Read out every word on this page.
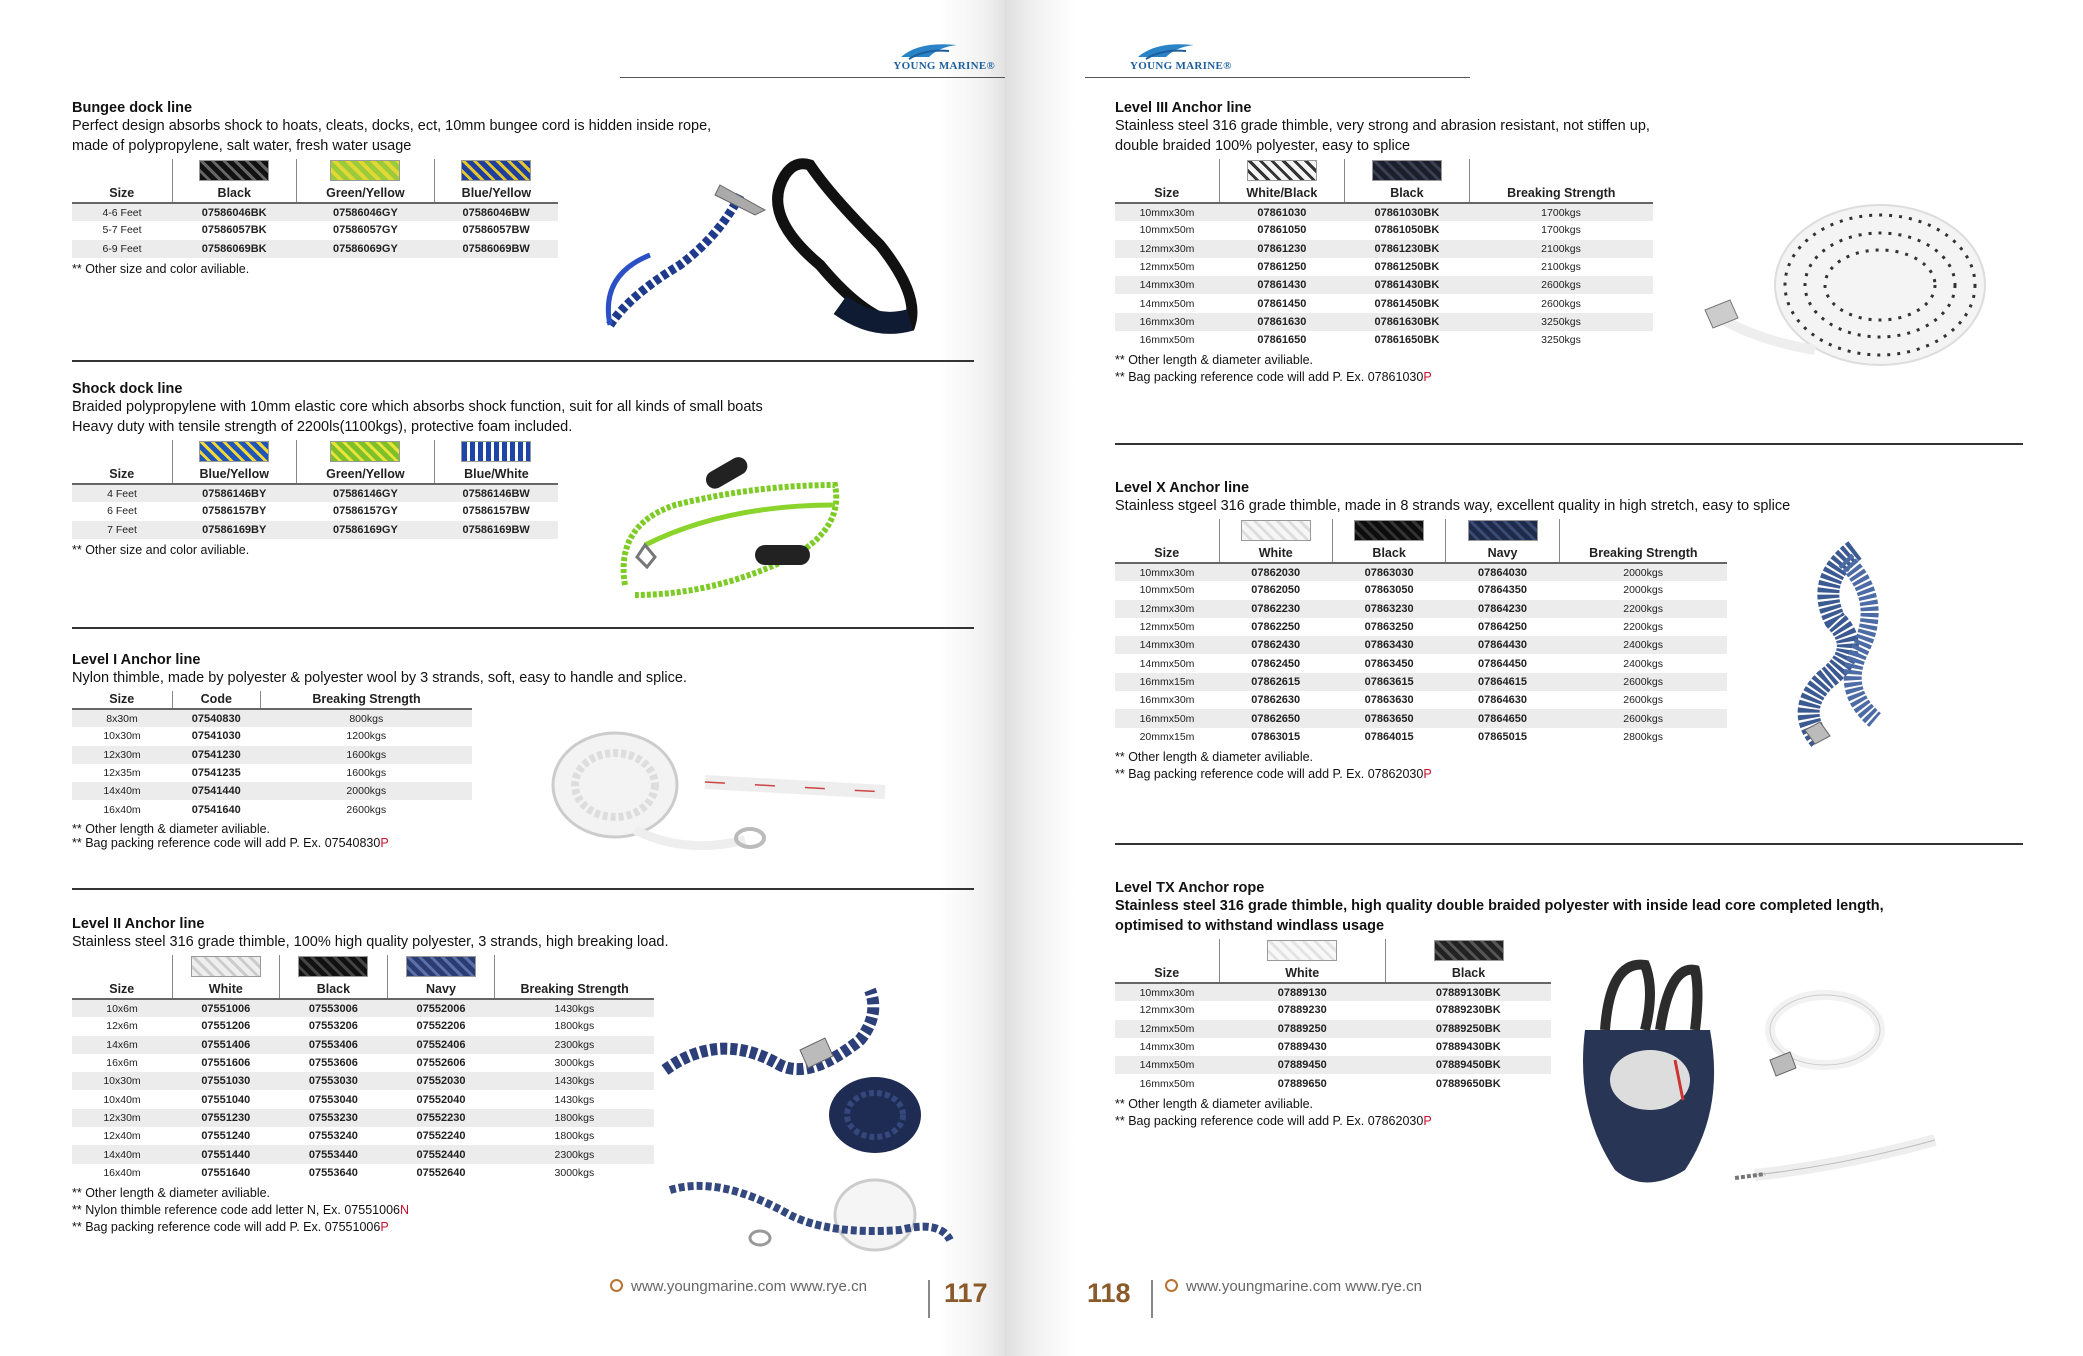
YOUNG MARINE®
Bungee dock line
Perfect design absorbs shock to hoats, cleats, docks, ect, 10mm bungee cord is hidden inside rope,
made of polypropylene, salt water, fresh water usage
Size	Black	Green/Yellow	Blue/Yellow
4-6 Feet	07586046BK	07586046GY	07586046BW
5-7 Feet	07586057BK	07586057GY	07586057BW
6-9 Feet	07586069BK	07586069GY	07586069BW
** Other size and color aviliable.
Shock dock line
Braided polypropylene with 10mm elastic core which absorbs shock function, suit for all kinds of small boats
Heavy duty with tensile strength of 2200ls(1100kgs), protective foam included.
Size	Blue/Yellow	Green/Yellow	Blue/White
4 Feet	07586146BY	07586146GY	07586146BW
6 Feet	07586157BY	07586157GY	07586157BW
7 Feet	07586169BY	07586169GY	07586169BW
** Other size and color aviliable.
Level I Anchor line
Nylon thimble, made by polyester & polyester wool by 3 strands, soft, easy to handle and splice.
Size	Code	Breaking Strength
8x30m	07540830	800kgs
10x30m	07541030	1200kgs
12x30m	07541230	1600kgs
12x35m	07541235	1600kgs
14x40m	07541440	2000kgs
16x40m	07541640	2600kgs
** Other length & diameter aviliable.
** Bag packing reference code will add P. Ex. 07540830P
Level II Anchor line
Stainless steel 316 grade thimble, 100% high quality polyester, 3 strands, high breaking load.
Size	White	Black	Navy	Breaking Strength
10x6m	07551006	07553006	07552006	1430kgs
12x6m	07551206	07553206	07552206	1800kgs
14x6m	07551406	07553406	07552406	2300kgs
16x6m	07551606	07553606	07552606	3000kgs
10x30m	07551030	07553030	07552030	1430kgs
10x40m	07551040	07553040	07552040	1430kgs
12x30m	07551230	07553230	07552230	1800kgs
12x40m	07551240	07553240	07552240	1800kgs
14x40m	07551440	07553440	07552440	2300kgs
16x40m	07551640	07553640	07552640	3000kgs
** Other length & diameter aviliable.
** Nylon thimble reference code add letter N, Ex. 07551006N
** Bag packing reference code will add P. Ex. 07551006P
www.youngmarine.com www.rye.cn	117
YOUNG MARINE®
Level III Anchor line
Stainless steel 316 grade thimble, very strong and abrasion resistant, not stiffen up,
double braided 100% polyester, easy to splice
Size	White/Black	Black	Breaking Strength
10mmx30m	07861030	07861030BK	1700kgs
10mmx50m	07861050	07861050BK	1700kgs
12mmx30m	07861230	07861230BK	2100kgs
12mmx50m	07861250	07861250BK	2100kgs
14mmx30m	07861430	07861430BK	2600kgs
14mmx50m	07861450	07861450BK	2600kgs
16mmx30m	07861630	07861630BK	3250kgs
16mmx50m	07861650	07861650BK	3250kgs
** Other length & diameter aviliable.
** Bag packing reference code will add P. Ex. 07861030P
Level X Anchor line
Stainless stgeel 316 grade thimble, made in 8 strands way, excellent quality in high stretch, easy to splice
Size	White	Black	Navy	Breaking Strength
10mmx30m	07862030	07863030	07864030	2000kgs
10mmx50m	07862050	07863050	07864350	2000kgs
12mmx30m	07862230	07863230	07864230	2200kgs
12mmx50m	07862250	07863250	07864250	2200kgs
14mmx30m	07862430	07863430	07864430	2400kgs
14mmx50m	07862450	07863450	07864450	2400kgs
16mmx15m	07862615	07863615	07864615	2600kgs
16mmx30m	07862630	07863630	07864630	2600kgs
16mmx50m	07862650	07863650	07864650	2600kgs
20mmx15m	07863015	07864015	07865015	2800kgs
** Other length & diameter aviliable.
** Bag packing reference code will add P. Ex. 07862030P
Level TX Anchor rope
Stainless steel 316 grade thimble, high quality double braided polyester with inside lead core completed length,
optimised to withstand windlass usage
Size	White	Black
10mmx30m	07889130	07889130BK
12mmx30m	07889230	07889230BK
12mmx50m	07889250	07889250BK
14mmx30m	07889430	07889430BK
14mmx50m	07889450	07889450BK
16mmx50m	07889650	07889650BK
** Other length & diameter aviliable.
** Bag packing reference code will add P. Ex. 07862030P
118	www.youngmarine.com www.rye.cn
